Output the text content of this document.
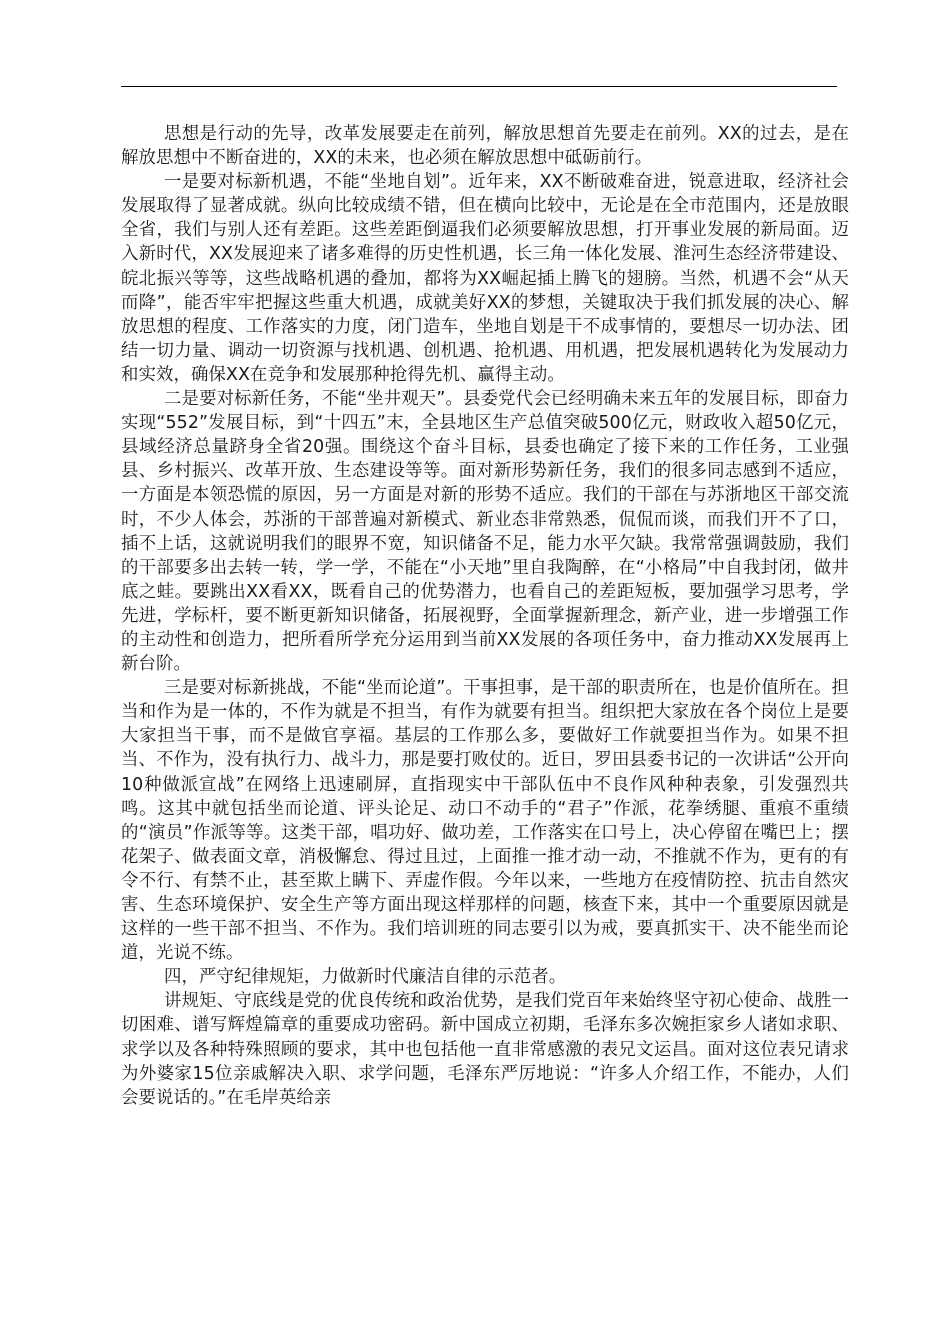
思想是行动的先导，改革发展要走在前列，解放思想首先要走在前列。XX的过去，是在解放思想中不断奋进的，XX的未来，也必须在解放思想中砥砺前行。

一是要对标新机遇，不能“坐地自划”。近年来，XX不断破难奋进，锐意进取，经济社会发展取得了显著成就。纵向比较成绩不错，但在横向比较中，无论是在全市范围内，还是放眼全省，我们与别人还有差距。这些差距倒逼我们必须要解放思想，打开事业发展的新局面。迈入新时代，XX发展迎来了诸多难得的历史性机遇，长三角一体化发展、淮河生态经济带建设、皖北振兴等等，这些战略机遇的叠加，都将为XX崛起插上腾飞的翅膀。当然，机遇不会“从天而降”，能否牢牢把握这些重大机遇，成就美好XX的梦想，关键取决于我们抓发展的决心、解放思想的程度、工作落实的力度，闭门造车，坐地自划是干不成事情的，要想尽一切办法、团结一切力量、调动一切资源与找机遇、创机遇、抢机遇、用机遇，把发展机遇转化为发展动力和实效，确保XX在竞争和发展那种抢得先机、赢得主动。

二是要对标新任务，不能“坐井观天”。县委党代会已经明确未来五年的发展目标，即奋力实现“552”发展目标，到“十四五”末，全县地区生产总值突破500亿元，财政收入超50亿元，县域经济总量跻身全省20强。围绕这个奋斗目标，县委也确定了接下来的工作任务，工业强县、乡村振兴、改革开放、生态建设等等。面对新形势新任务，我们的很多同志感到不适应，一方面是本领恐慌的原因，另一方面是对新的形势不适应。我们的干部在与苏浙地区干部交流时，不少人体会，苏浙的干部普遍对新模式、新业态非常熟悉，侃侃而谈，而我们开不了口，插不上话，这就说明我们的眼界不宽，知识储备不足，能力水平欠缺。我常常强调鼓励，我们的干部要多出去转一转，学一学，不能在“小天地”里自我陶醉，在“小格局”中自我封闭，做井底之蛙。要跳出XX看XX，既看自己的优势潜力，也看自己的差距短板，要加强学习思考，学先进，学标杆，要不断更新知识储备，拓展视野，全面掌握新理念，新产业，进一步增强工作的主动性和创造力，把所看所学充分运用到当前XX发展的各项任务中，奋力推动XX发展再上新台阶。

三是要对标新挑战，不能“坐而论道”。干事担事，是干部的职责所在，也是价值所在。担当和作为是一体的，不作为就是不担当，有作为就要有担当。组织把大家放在各个岗位上是要大家担当干事，而不是做官享福。基层的工作那么多，要做好工作就要担当作为。如果不担当、不作为，没有执行力、战斗力，那是要打败仗的。近日，罗田县委书记的一次讲话“公开向10种做派宣战”在网络上迅速刷屏，直指现实中干部队伍中不良作风种种表象，引发强烈共鸣。这其中就包括坐而论道、评头论足、动口不动手的“君子”作派，花拳绣腿、重痕不重绩的“演员”作派等等。这类干部，唱功好、做功差，工作落实在口号上，决心停留在嘴巴上；摆花架子、做表面文章，消极懈怠、得过且过，上面推一推才动一动，不推就不作为，更有的有令不行、有禁不止，甚至欺上瞒下、弄虚作假。今年以来，一些地方在疫情防控、抗击自然灾害、生态环境保护、安全生产等方面出现这样那样的问题，核查下来，其中一个重要原因就是这样的一些干部不担当、不作为。我们培训班的同志要引以为戒，要真抓实干、决不能坐而论道，光说不练。

四，严守纪律规矩，力做新时代廉洁自律的示范者。

讲规矩、守底线是党的优良传统和政治优势，是我们党百年来始终坚守初心使命、战胜一切困难、谱写辉煌篇章的重要成功密码。新中国成立初期，毛泽东多次婉拒家乡人诸如求职、求学以及各种特殊照顾的要求，其中也包括他一直非常感激的表兄文运昌。面对这位表兄请求为外婆家15位亲戚解决入职、求学问题，毛泽东严厉地说：“许多人介绍工作，不能办，人们会要说话的。”在毛岸英给亲
